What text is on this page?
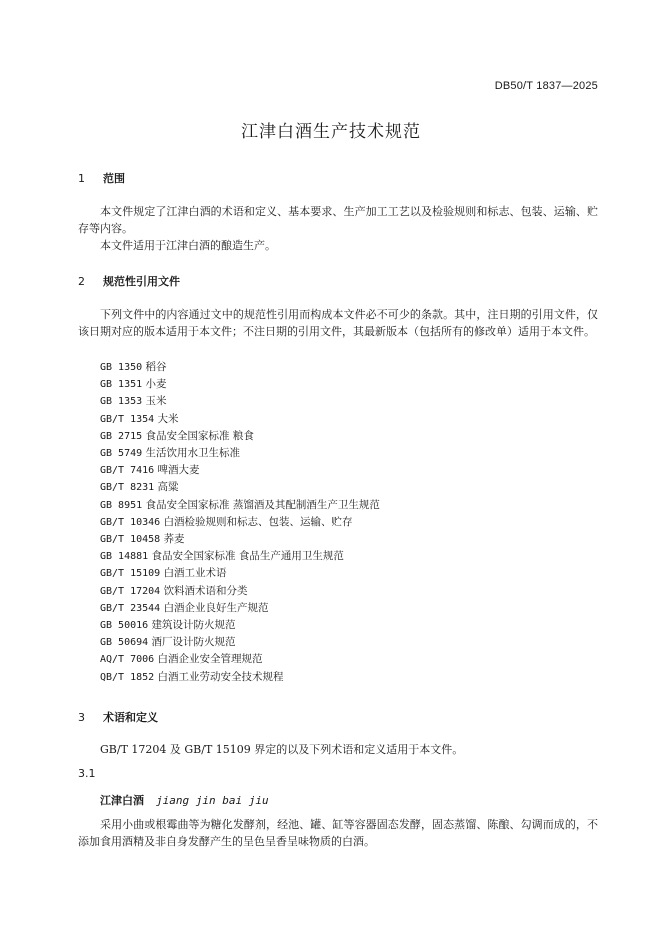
DB50/T 1837—2025
江津白酒生产技术规范
1 范围
本文件规定了江津白酒的术语和定义、基本要求、生产加工工艺以及检验规则和标志、包装、运输、贮存等内容。
本文件适用于江津白酒的酿造生产。
2 规范性引用文件
下列文件中的内容通过文中的规范性引用而构成本文件必不可少的条款。其中，注日期的引用文件，仅该日期对应的版本适用于本文件；不注日期的引用文件，其最新版本（包括所有的修改单）适用于本文件。
GB 1350 稻谷
GB 1351 小麦
GB 1353 玉米
GB/T 1354 大米
GB 2715 食品安全国家标准 粮食
GB 5749 生活饮用水卫生标准
GB/T 7416 啤酒大麦
GB/T 8231 高粱
GB 8951 食品安全国家标准 蒸馏酒及其配制酒生产卫生规范
GB/T 10346 白酒检验规则和标志、包装、运输、贮存
GB/T 10458 荞麦
GB 14881 食品安全国家标准 食品生产通用卫生规范
GB/T 15109 白酒工业术语
GB/T 17204 饮料酒术语和分类
GB/T 23544 白酒企业良好生产规范
GB 50016 建筑设计防火规范
GB 50694 酒厂设计防火规范
AQ/T 7006 白酒企业安全管理规范
QB/T 1852 白酒工业劳动安全技术规程
3 术语和定义
GB/T 17204 及 GB/T 15109 界定的以及下列术语和定义适用于本文件。
3.1
江津白酒 jiang jin bai jiu
采用小曲或根霉曲等为糖化发酵剂，经池、罐、缸等容器固态发酵，固态蒸馏、陈酿、勾调而成的，不添加食用酒精及非自身发酵产生的呈色呈香呈味物质的白酒。
